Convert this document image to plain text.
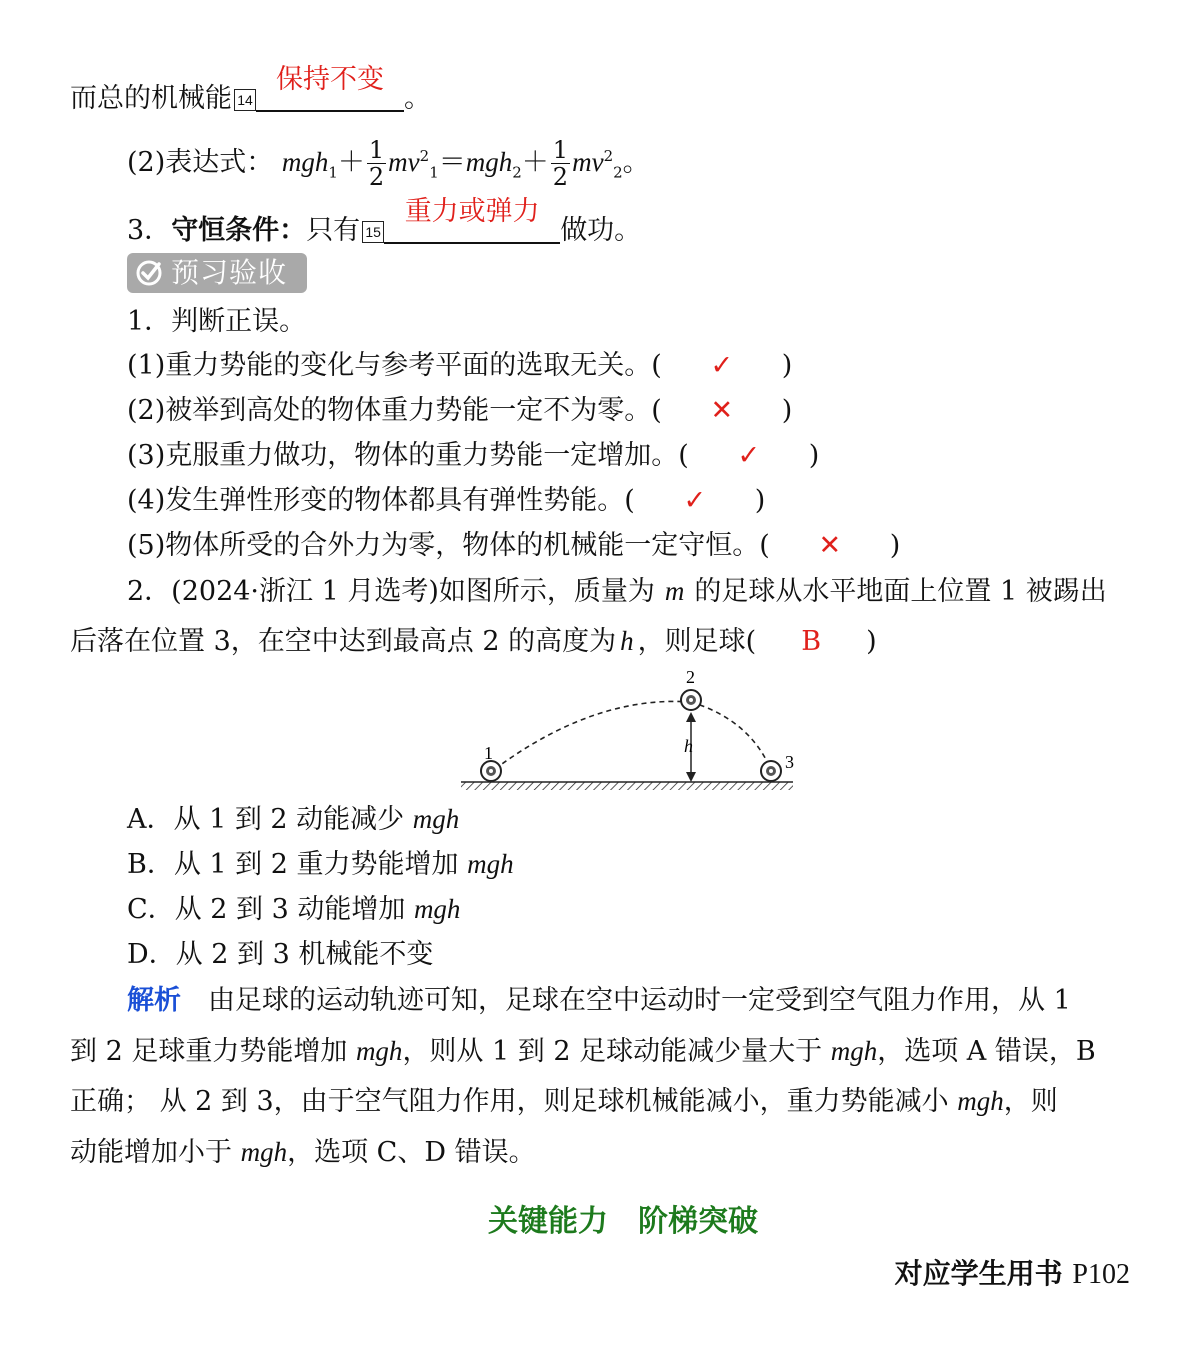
而总的机械能 14
保持不变
。
(2)表达式： $mgh_1+ \frac{1}{2} mv^2_1=mgh_2+ \frac{1}{2} mv^2_2$。
3．守恒条件：只有 15
重力或弹力
做功。
预习验收
1．判断正误。
(1)重力势能的变化与参考平面的选取无关。( ✓ )
(2)被举到高处的物体重力势能一定不为零。( ✕ )
(3)克服重力做功，物体的重力势能一定增加。( ✓ )
(4)发生弹性形变的物体都具有弹性势能。( ✓ )
(5)物体所受的合外力为零，物体的机械能一定守恒。( ✕ )
2．(2024·浙江 1 月选考)如图所示，质量为 m 的足球从水平地面上位置 1 被踢出
后落在位置 3，在空中达到最高点 2 的高度为 h ，则足球( B )
1
2
3
h
A．从 1 到 2 动能减少 mgh
B．从 1 到 2 重力势能增加 mgh
C．从 2 到 3 动能增加 mgh
D．从 2 到 3 机械能不变
解析　由足球的运动轨迹可知，足球在空中运动时一定受到空气阻力作用，从 1
到 2 足球重力势能增加 mgh，则从 1 到 2 足球动能减少量大于 mgh，选项 A 错误，B
正确； 从 2 到 3，由于空气阻力作用，则足球机械能减小，重力势能减小 mgh，则
动能增加小于 mgh，选项 C、D 错误。
关键能力　阶梯突破
对应学生用书 P102
